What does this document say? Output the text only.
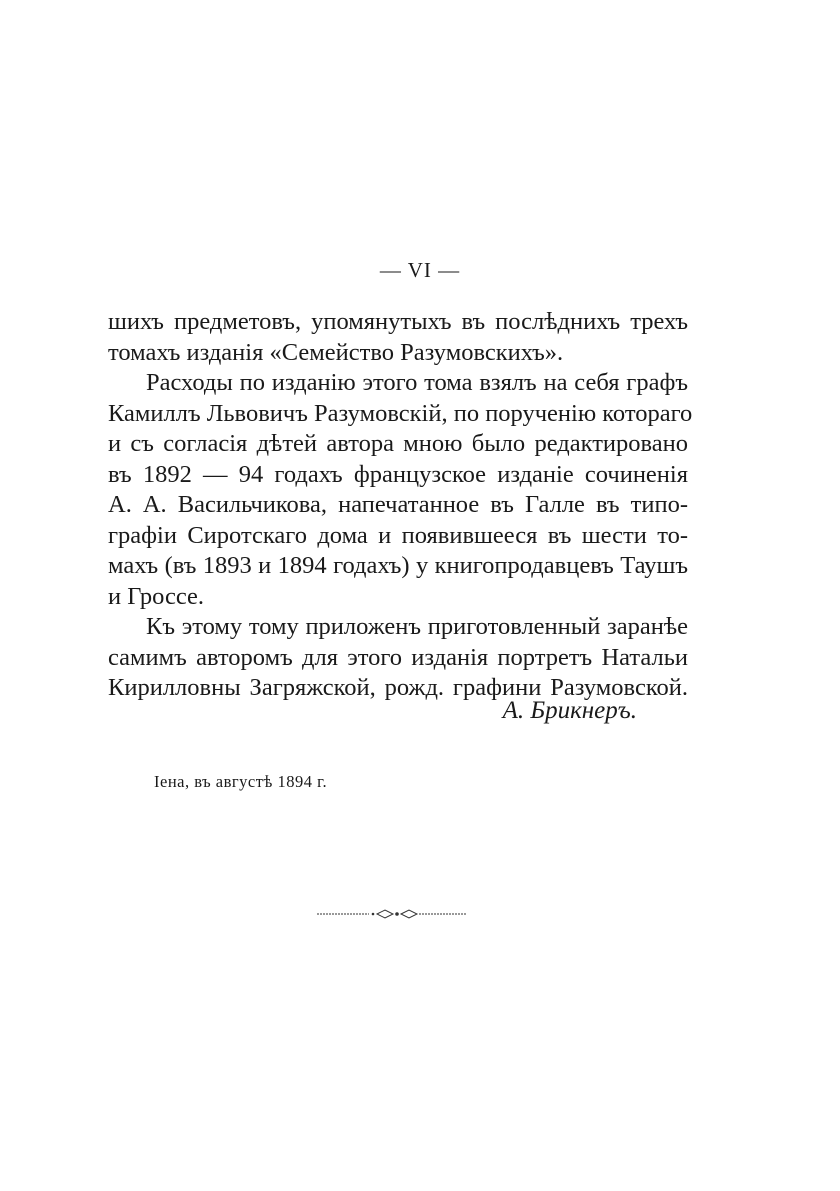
— VI —
шихъ предметовъ, упомянутыхъ въ послѣднихъ трехъ
томахъ изданія «Семейство Разумовскихъ».
Расходы по изданію этого тома взялъ на себя графъ
Камиллъ Львовичъ Разумовскій, по порученію котораго
и съ согласія дѣтей автора мною было редактировано
въ 1892 — 94 годахъ французское изданіе сочиненія
А. А. Васильчикова, напечатанное въ Галле въ типо-
графіи Сиротскаго дома и появившееся въ шести то-
махъ (въ 1893 и 1894 годахъ) у книгопродавцевъ Таушъ
и Гроссе.
Къ этому тому приложенъ приготовленный заранѣе
самимъ авторомъ для этого изданія портретъ Натальи
Кирилловны Загряжской, рожд. графини Разумовской.
А. Брикнеръ.
Іена, въ августѣ 1894 г.
